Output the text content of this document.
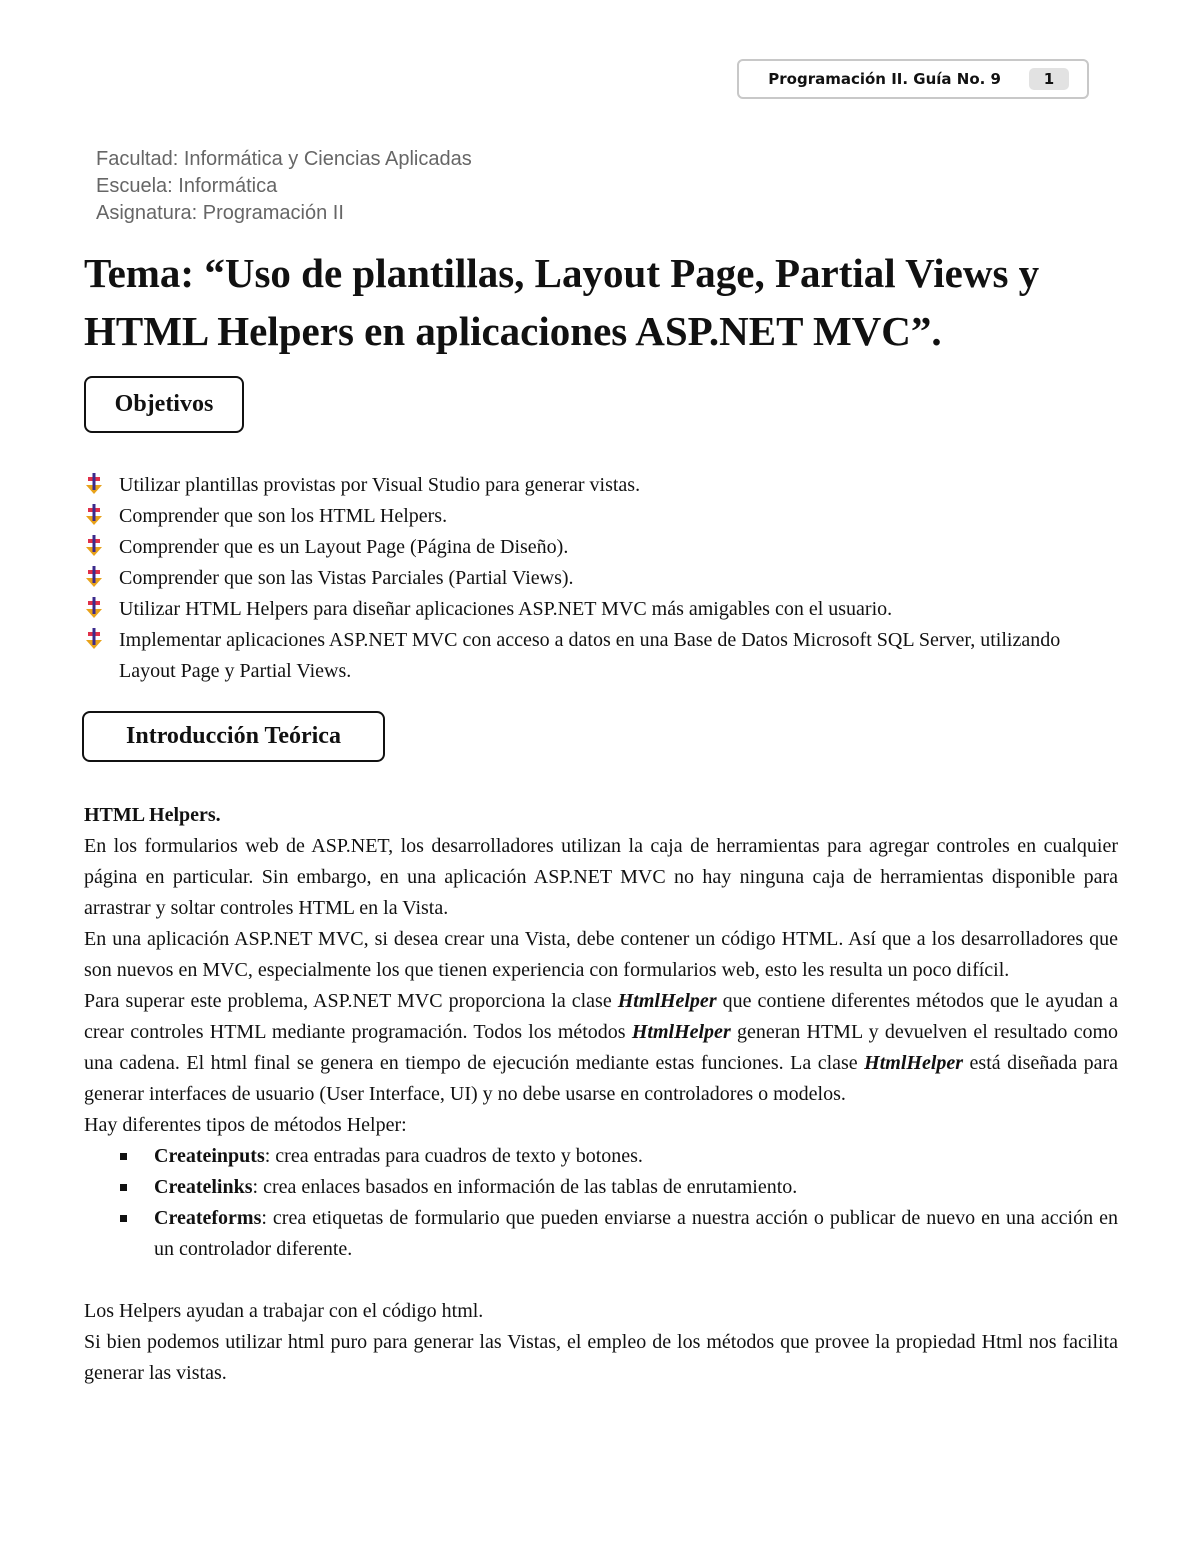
Programación II. Guía No. 9	1
Facultad: Informática y Ciencias Aplicadas
Escuela: Informática
Asignatura: Programación II
Tema: “Uso de plantillas, Layout Page, Partial Views y HTML Helpers en aplicaciones ASP.NET MVC”.
Objetivos
Utilizar plantillas provistas por Visual Studio para generar vistas.
Comprender que son los HTML Helpers.
Comprender que es un Layout Page (Página de Diseño).
Comprender que son las Vistas Parciales (Partial Views).
Utilizar HTML Helpers para diseñar aplicaciones ASP.NET MVC más amigables con el usuario.
Implementar aplicaciones ASP.NET MVC con acceso a datos en una Base de Datos Microsoft SQL Server, utilizando Layout Page y Partial Views.
Introducción Teórica

HTML Helpers.

En los formularios web de ASP.NET, los desarrolladores utilizan la caja de herramientas para agregar controles en cualquier página en particular. Sin embargo, en una aplicación ASP.NET MVC no hay ninguna caja de herramientas disponible para arrastrar y soltar controles HTML en la Vista.

En una aplicación ASP.NET MVC, si desea crear una Vista, debe contener un código HTML. Así que a los desarrolladores que son nuevos en MVC, especialmente los que tienen experiencia con formularios web, esto les resulta un poco difícil.

Para superar este problema, ASP.NET MVC proporciona la clase HtmlHelper que contiene diferentes métodos que le ayudan a crear controles HTML mediante programación. Todos los métodos HtmlHelper generan HTML y devuelven el resultado como una cadena. El html final se genera en tiempo de ejecución mediante estas funciones. La clase HtmlHelper está diseñada para generar interfaces de usuario (User Interface, UI) y no debe usarse en controladores o modelos.

Hay diferentes tipos de métodos Helper:

Createinputs: crea entradas para cuadros de texto y botones.
Createlinks: crea enlaces basados en información de las tablas de enrutamiento.
Createforms: crea etiquetas de formulario que pueden enviarse a nuestra acción o publicar de nuevo en una acción en un controlador diferente.

Los Helpers ayudan a trabajar con el código html.

Si bien podemos utilizar html puro para generar las Vistas, el empleo de los métodos que provee la propiedad Html nos facilita generar las vistas.
